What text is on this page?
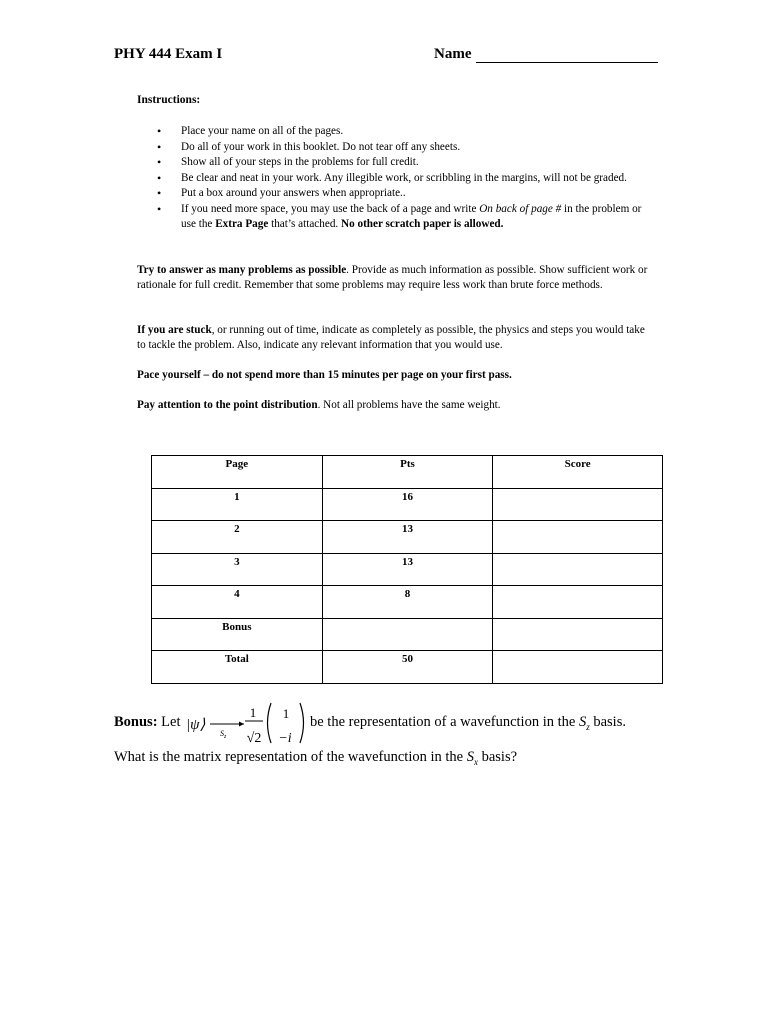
PHY 444 Exam I	Name
Instructions:
• Place your name on all of the pages.
• Do all of your work in this booklet. Do not tear off any sheets.
• Show all of your steps in the problems for full credit.
• Be clear and neat in your work. Any illegible work, or scribbling in the margins, will not be graded.
• Put a box around your answers when appropriate..
• If you need more space, you may use the back of a page and write On back of page # in the problem or use the Extra Page that’s attached. No other scratch paper is allowed.
Try to answer as many problems as possible. Provide as much information as possible. Show sufficient work or rationale for full credit. Remember that some problems may require less work than brute force methods.
If you are stuck, or running out of time, indicate as completely as possible, the physics and steps you would take to tackle the problem. Also, indicate any relevant information that you would use.
Pace yourself – do not spend more than 15 minutes per page on your first pass.
Pay attention to the point distribution. Not all problems have the same weight.
Page	Pts	Score
1	16	
2	13	
3	13	
4	8	
Bonus		
Total	50	
Bonus: Let |ψ⟩
$S_z$
1
√2
1
−i
be the representation of a wavefunction in the $S_z$ basis.
What is the matrix representation of the wavefunction in the $S_x$ basis?
